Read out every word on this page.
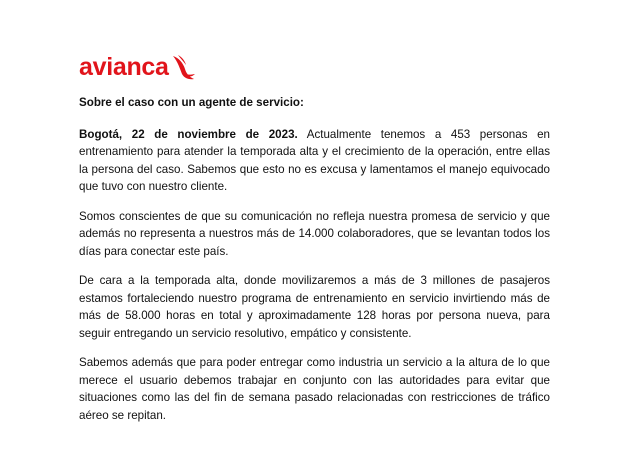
avianca

Sobre el caso con un agente de servicio:

Bogotá, 22 de noviembre de 2023. Actualmente tenemos a 453 personas en entrenamiento para atender la temporada alta y el crecimiento de la operación, entre ellas la persona del caso. Sabemos que esto no es excusa y lamentamos el manejo equivocado que tuvo con nuestro cliente.

Somos conscientes de que su comunicación no refleja nuestra promesa de servicio y que además no representa a nuestros más de 14.000 colaboradores, que se levantan todos los días para conectar este país.

De cara a la temporada alta, donde movilizaremos a más de 3 millones de pasajeros estamos fortaleciendo nuestro programa de entrenamiento en servicio invirtiendo más de más de 58.000 horas en total y aproximadamente 128 horas por persona nueva, para seguir entregando un servicio resolutivo, empático y consistente.

Sabemos además que para poder entregar como industria un servicio a la altura de lo que merece el usuario debemos trabajar en conjunto con las autoridades para evitar que situaciones como las del fin de semana pasado relacionadas con restricciones de tráfico aéreo se repitan.
